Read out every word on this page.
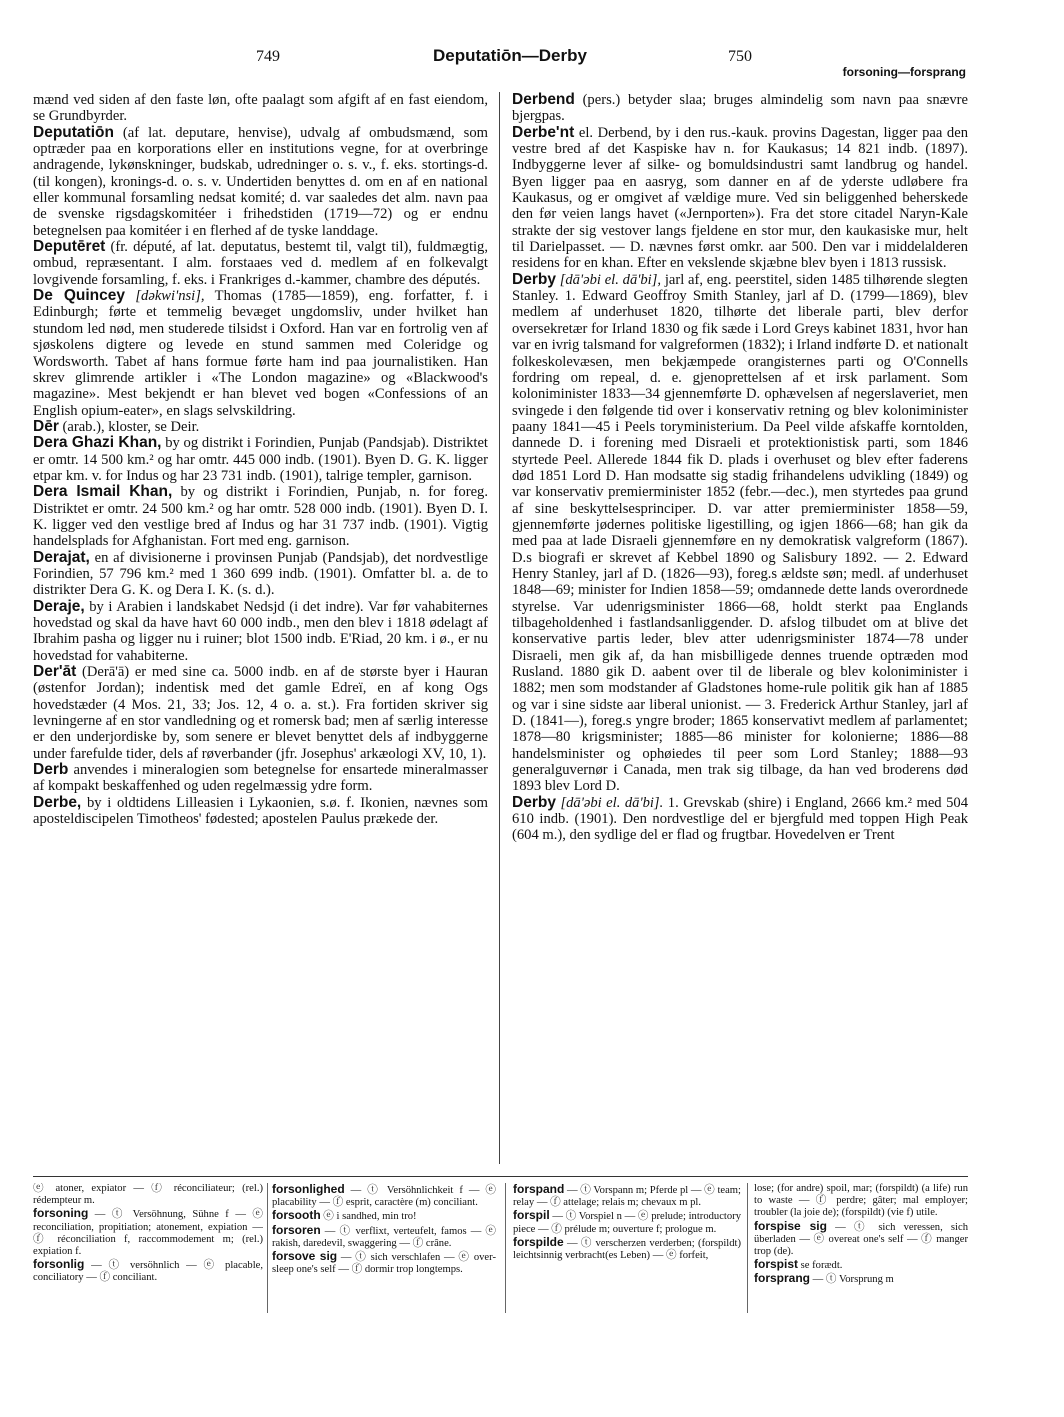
749	Deputatiōn—Derby	750
forsoning—forsprang

mænd ved siden af den faste løn, ofte paalagt som afgift af en fast eiendom, se Grundbyrder.

Deputatiōn (af lat. deputare, henvise), udvalg af ombudsmænd, som optræder paa en korporations eller en institutions vegne, for at overbringe andragende, lykønskninger, budskab, udredninger o. s. v., f. eks. stortings-d. (til kongen), kronings-d. o. s. v. Undertiden benyttes d. om en af en national eller kommunal forsamling nedsat komité; d. var saaledes det alm. navn paa de svenske rigsdagskomitéer i frihedstiden (1719—72) og er endnu betegnelsen paa komitéer i en flerhed af de tyske landdage.

Deputēret (fr. député, af lat. deputatus, bestemt til, valgt til), fuldmægtig, ombud, repræsentant. I alm. forstaaes ved d. medlem af en folkevalgt lovgivende forsamling, f. eks. i Frankriges d.-kammer, chambre des députés.

De Quincey [dəkwi'nsi], Thomas (1785—1859), eng. forfatter, f. i Edinburgh; førte et temmelig bevæget ungdomsliv, under hvilket han stundom led nød, men studerede tilsidst i Oxford. Han var en fortrolig ven af sjøskolens digtere og levede en stund sammen med Coleridge og Wordsworth. Tabet af hans formue førte ham ind paa journalistiken. Han skrev glimrende artikler i «The London magazine» og «Blackwood's magazine». Mest bekjendt er han blevet ved bogen «Confessions of an English opium-eater», en slags selvskildring.

Dēr (arab.), kloster, se Deir.

Dera Ghazi Khan, by og distrikt i Forindien, Punjab (Pandsjab). Distriktet er omtr. 14 500 km.² og har omtr. 445 000 indb. (1901). Byen D. G. K. ligger etpar km. v. for Indus og har 23 731 indb. (1901), talrige templer, garnison.

Dera Ismail Khan, by og distrikt i Forindien, Punjab, n. for foreg. Distriktet er omtr. 24 500 km.² og har omtr. 528 000 indb. (1901). Byen D. I. K. ligger ved den vestlige bred af Indus og har 31 737 indb. (1901). Vigtig handelsplads for Afghanistan. Fort med eng. garnison.

Derajat, en af divisionerne i provinsen Punjab (Pandsjab), det nordvestlige Forindien, 57 796 km.² med 1 360 699 indb. (1901). Omfatter bl. a. de to distrikter Dera G. K. og Dera I. K. (s. d.).

Deraje, by i Arabien i landskabet Nedsjd (i det indre). Var før vahabiternes hovedstad og skal da have havt 60 000 indb., men den blev i 1818 ødelagt af Ibrahim pasha og ligger nu i ruiner; blot 1500 indb. E'Riad, 20 km. i ø., er nu hovedstad for vahabiterne.

Der'āt (Derā'ā) er med sine ca. 5000 indb. en af de største byer i Hauran (østenfor Jordan); indentisk med det gamle Edreï, en af kong Ogs hovedstæder (4 Mos. 21, 33; Jos. 12, 4 o. a. st.). Fra fortiden skriver sig levningerne af en stor vandledning og et romersk bad; men af særlig interesse er den underjordiske by, som senere er blevet benyttet dels af indbyggerne under farefulde tider, dels af røverbander (jfr. Josephus' arkæologi XV, 10, 1).

Derb anvendes i mineralogien som betegnelse for ensartede mineralmasser af kompakt beskaffenhed og uden regelmæssig ydre form.

Derbe, by i oldtidens Lilleasien i Lykaonien, s.ø. f. Ikonien, nævnes som aposteldiscipelen Timotheos' fødested; apostelen Paulus prækede der.

Derbend (pers.) betyder slaa; bruges almindelig som navn paa snævre bjergpas.

Derbe'nt el. Derbend, by i den rus.-kauk. provins Dagestan, ligger paa den vestre bred af det Kaspiske hav n. for Kaukasus; 14 821 indb. (1897). Indbyggerne lever af silke- og bomuldsindustri samt landbrug og handel. Byen ligger paa en aasryg, som danner en af de yderste udløbere fra Kaukasus, og er omgivet af vældige mure. Ved sin beliggenhed beherskede den før veien langs havet («Jernporten»). Fra det store citadel Naryn-Kale strakte der sig vestover langs fjeldene en stor mur, den kaukasiske mur, helt til Darielpasset. — D. nævnes først omkr. aar 500. Den var i middelalderen residens for en khan. Efter en vekslende skjæbne blev byen i 1813 russisk.

Derby [dā'əbi el. dā'bi], jarl af, eng. peerstitel, siden 1485 tilhørende slegten Stanley. 1. Edward Geoffroy Smith Stanley, jarl af D. (1799—1869), blev medlem af underhuset 1820, tilhørte det liberale parti, blev derfor oversekretær for Irland 1830 og fik sæde i Lord Greys kabinet 1831, hvor han var en ivrig talsmand for valgreformen (1832); i Irland indførte D. et nationalt folkeskolevæsen, men bekjæmpede orangisternes parti og O'Connells fordring om repeal, d. e. gjenoprettelsen af et irsk parlament. Som koloniminister 1833—34 gjennemførte D. ophævelsen af negerslaveriet, men svingede i den følgende tid over i konservativ retning og blev koloniminister paany 1841—45 i Peels toryministerium. Da Peel vilde afskaffe korntolden, dannede D. i forening med Disraeli et protektionistisk parti, som 1846 styrtede Peel. Allerede 1844 fik D. plads i overhuset og blev efter faderens død 1851 Lord D. Han modsatte sig stadig frihandelens udvikling (1849) og var konservativ premierminister 1852 (febr.—dec.), men styrtedes paa grund af sine beskyttelsesprinciper. D. var atter premierminister 1858—59, gjennemførte jødernes politiske ligestilling, og igjen 1866—68; han gik da med paa at lade Disraeli gjennemføre en ny demokratisk valgreform (1867). D.s biografi er skrevet af Kebbel 1890 og Salisbury 1892. — 2. Edward Henry Stanley, jarl af D. (1826—93), foreg.s ældste søn; medl. af underhuset 1848—69; minister for Indien 1858—59; omdannede dette lands overordnede styrelse. Var udenrigsminister 1866—68, holdt sterkt paa Englands tilbageholdenhed i fastlandsanliggender. D. afslog tilbudet om at blive det konservative partis leder, blev atter udenrigsminister 1874—78 under Disraeli, men gik af, da han misbilligede dennes truende optræden mod Rusland. 1880 gik D. aabent over til de liberale og blev koloniminister i 1882; men som modstander af Gladstones home-rule politik gik han af 1885 og var i sine sidste aar liberal unionist. — 3. Frederick Arthur Stanley, jarl af D. (1841—), foreg.s yngre broder; 1865 konservativt medlem af parlamentet; 1878—80 krigsminister; 1885—86 minister for kolonierne; 1886—88 handelsminister og ophøiedes til peer som Lord Stanley; 1888—93 generalguvernør i Canada, men trak sig tilbage, da han ved broderens død 1893 blev Lord D.

Derby [dā'əbi el. dā'bi]. 1. Grevskab (shire) i England, 2666 km.² med 504 610 indb. (1901). Den nordvestlige del er bjergfuld med toppen High Peak (604 m.), den sydlige del er flad og frugtbar. Hovedelven er Trent

ⓔ atoner, expiator — ⓕ réconciliateur; (rel.) rédempteur m.

forsoning — ⓣ Versöhnung, Sühne f — ⓔ reconciliation, propitiation; atonement, expiation — ⓕ réconciliation f, raccommodement m; (rel.) expiation f.

forsonlig — ⓣ versöhnlich — ⓔ placable, conciliatory — ⓕ conciliant.

forsonlighed — ⓣ Versöhnlichkeit f — ⓔ placability — ⓕ esprit, caractère (m) conciliant.

forsooth ⓔ i sandhed, min tro!

forsoren — ⓣ verflixt, verteufelt, famos — ⓔ rakish, daredevil, swaggering — ⓕ crâne.

forsove sig — ⓣ sich verschlafen — ⓔ over-sleep one's self — ⓕ dormir trop longtemps.

forspand — ⓣ Vorspann m; Pferde pl — ⓔ team; relay — ⓕ attelage; relais m; chevaux m pl.

forspil — ⓣ Vorspiel n — ⓔ prelude; introductory piece — ⓕ prélude m; ouverture f; prologue m.

forspilde — ⓣ verscherzen verderben; (forspildt) leichtsinnig verbracht(es Leben) — ⓔ forfeit,

lose; (for andre) spoil, mar; (forspildt) (a life) run to waste — ⓕ perdre; gâter; mal employer; troubler (la joie de); (forspildt) (vie f) utile.

forspise sig — ⓣ sich veressen, sich überladen — ⓔ overeat one's self — ⓕ manger trop (de).

forspist se forædt.

forsprang — ⓣ Vorsprung m
